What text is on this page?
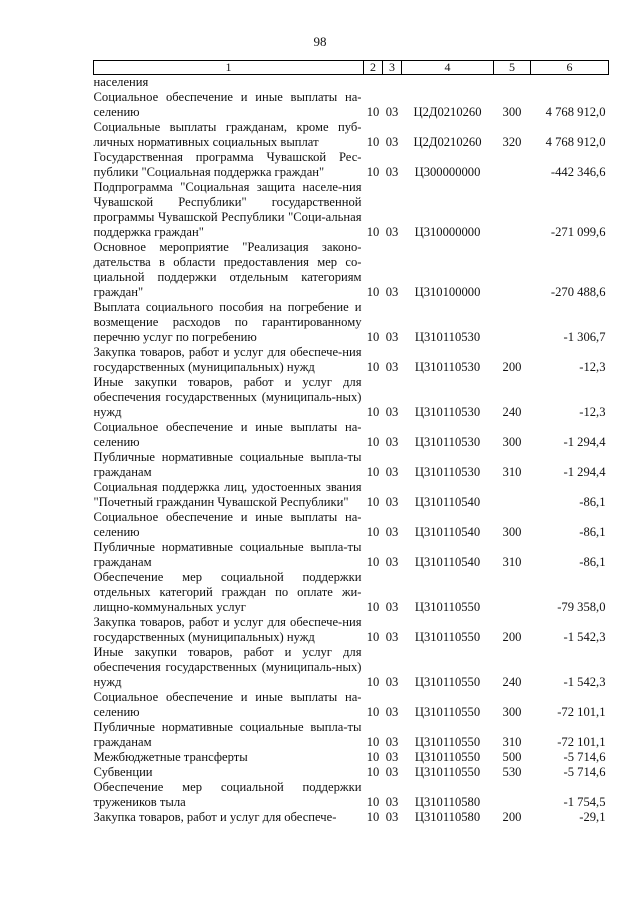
98
1	2	3	4	5	6
населения					
Социальное обеспечение и иные выплаты на-селению	10	03	Ц2Д0210260	300	4 768 912,0
Социальные выплаты гражданам, кроме пуб-личных нормативных социальных выплат	10	03	Ц2Д0210260	320	4 768 912,0
Государственная программа Чувашской Рес-публики "Социальная поддержка граждан"	10	03	Ц300000000		-442 346,6
Подпрограмма "Социальная защита населе-ния Чувашской Республики" государственной программы Чувашской Республики "Соци-альная поддержка граждан"	10	03	Ц310000000		-271 099,6
Основное мероприятие "Реализация законо-дательства в области предоставления мер со-циальной поддержки отдельным категориям граждан"	10	03	Ц310100000		-270 488,6
Выплата социального пособия на погребение и возмещение расходов по гарантированному перечню услуг по погребению	10	03	Ц310110530		-1 306,7
Закупка товаров, работ и услуг для обеспече-ния государственных (муниципальных) нужд	10	03	Ц310110530	200	-12,3
Иные закупки товаров, работ и услуг для обеспечения государственных (муниципаль-ных) нужд	10	03	Ц310110530	240	-12,3
Социальное обеспечение и иные выплаты на-селению	10	03	Ц310110530	300	-1 294,4
Публичные нормативные социальные выпла-ты гражданам	10	03	Ц310110530	310	-1 294,4
Социальная поддержка лиц, удостоенных звания "Почетный гражданин Чувашской Республики"	10	03	Ц310110540		-86,1
Социальное обеспечение и иные выплаты на-селению	10	03	Ц310110540	300	-86,1
Публичные нормативные социальные выпла-ты гражданам	10	03	Ц310110540	310	-86,1
Обеспечение мер социальной поддержки отдельных категорий граждан по оплате жи-лищно-коммунальных услуг	10	03	Ц310110550		-79 358,0
Закупка товаров, работ и услуг для обеспече-ния государственных (муниципальных) нужд	10	03	Ц310110550	200	-1 542,3
Иные закупки товаров, работ и услуг для обеспечения государственных (муниципаль-ных) нужд	10	03	Ц310110550	240	-1 542,3
Социальное обеспечение и иные выплаты на-селению	10	03	Ц310110550	300	-72 101,1
Публичные нормативные социальные выпла-ты гражданам	10	03	Ц310110550	310	-72 101,1
Межбюджетные трансферты	10	03	Ц310110550	500	-5 714,6
Субвенции	10	03	Ц310110550	530	-5 714,6
Обеспечение мер социальной поддержки тружеников тыла	10	03	Ц310110580		-1 754,5
Закупка товаров, работ и услуг для обеспече-	10	03	Ц310110580	200	-29,1
